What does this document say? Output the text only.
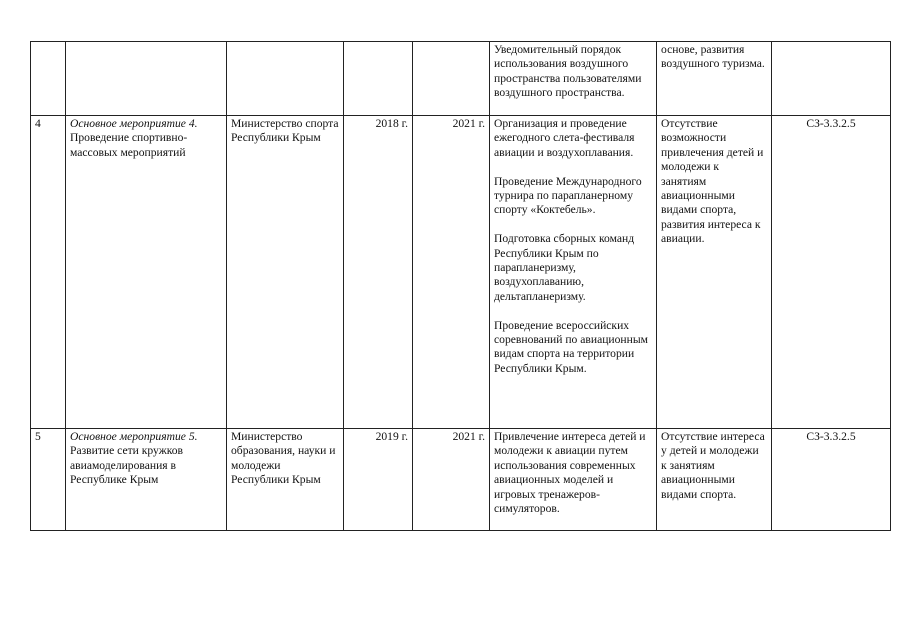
					Уведомительный порядок использования воздушного пространства пользователями воздушного пространства.	основе, развития воздушного туризма.	
4	Основное мероприятие 4. Проведение спортивно-массовых мероприятий	Министерство спорта Республики Крым	2018 г.	2021 г.	Организация и проведение ежегодного слета-фестиваля авиации и воздухоплавания.
Проведение Международного турнира по парапланерному спорту «Коктебель».
Подготовка сборных команд Республики Крым по парапланеризму, воздухоплаванию, дельтапланеризму.
Проведение всероссийских соревнований по авиационным видам спорта на территории Республики Крым.	Отсутствие возможности привлечения детей и молодежи к занятиям авиационными видами спорта, развития интереса к авиации.	СЗ-3.3.2.5
5	Основное мероприятие 5. Развитие сети кружков авиамоделирования в Республике Крым	Министерство образования, науки и молодежи Республики Крым	2019 г.	2021 г.	Привлечение интереса детей и молодежи к авиации путем использования современных авиационных моделей и игровых тренажеров-симуляторов.	Отсутствие интереса у детей и молодежи к занятиям авиационными видами спорта.	СЗ-3.3.2.5
